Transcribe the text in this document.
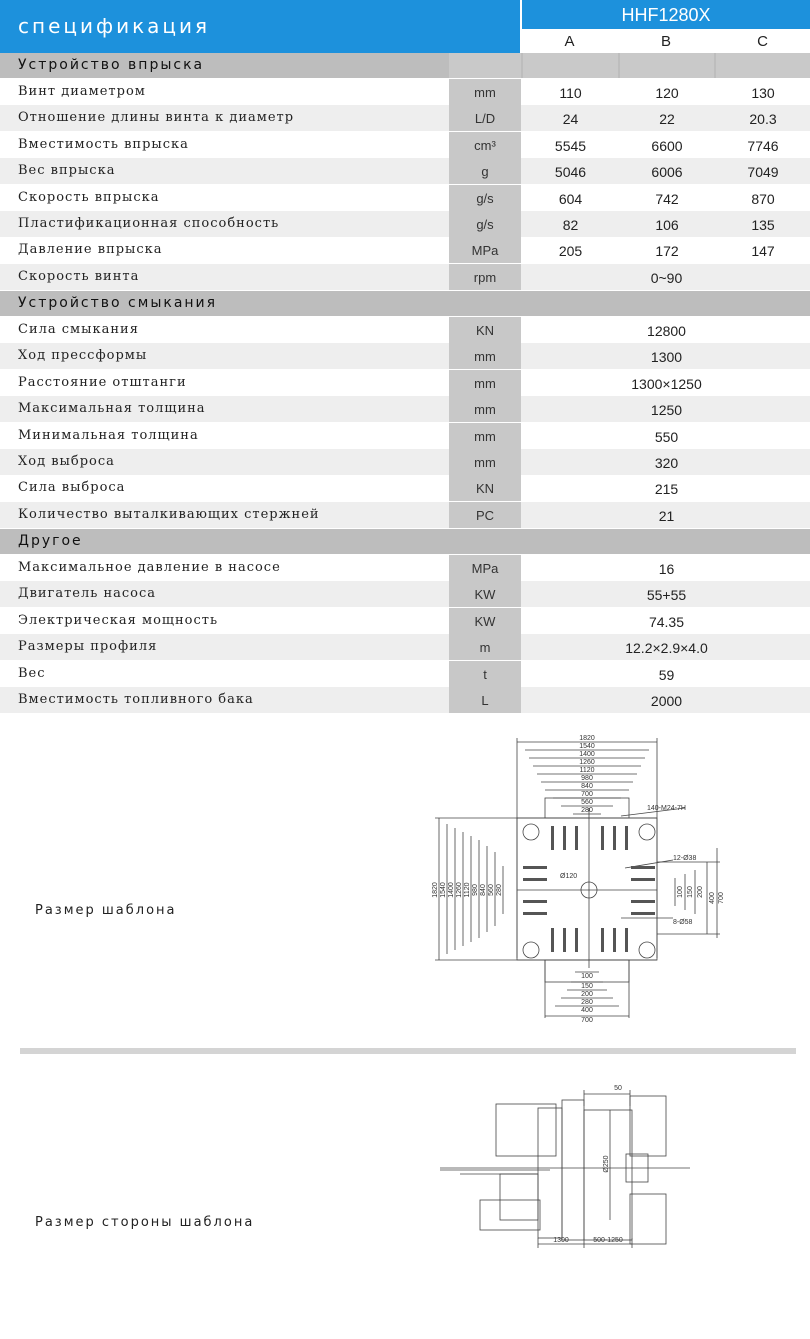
спецификация	HHF1280X
A	B	C
Устройство впрыска
Винт диаметром	mm	110	120	130
Отношение длины винта к диаметр	L/D	24	22	20.3
Вместимость впрыска	cm³	5545	6600	7746
Вес впрыска	g	5046	6006	7049
Скорость впрыска	g/s	604	742	870
Пластификационная способность	g/s	82	106	135
Давление впрыска	MPa	205	172	147
Скорость винта	rpm	0~90
Устройство смыкания
Сила смыкания	KN	12800
Ход прессформы	mm	1300
Расстояние отштанги	mm	1300×1250
Максимальная толщина	mm	1250
Минимальная толщина	mm	550
Ход выброса	mm	320
Сила выброса	KN	215
Количество выталкивающих стержней	PC	21
Другое
Максимальное давление в насосе	MPa	16
Двигатель насоса	KW	55+55
Электрическая мощность	KW	74.35
Размеры профиля	m	12.2×2.9×4.0
Вес	t	59
Вместимость топливного бака	L	2000
Размер шаблона
1820
1540
1400
1260
1120
980
840
700
560
280
1820 1540 1400 1260 1120 980 840 560 280
100
150
200
280
400
700
100 150 200
400 700
140-M24-7H
12-Ø38
Ø120
8-Ø58
Размер стороны шаблона
50
Ø250
1300	500-1250
